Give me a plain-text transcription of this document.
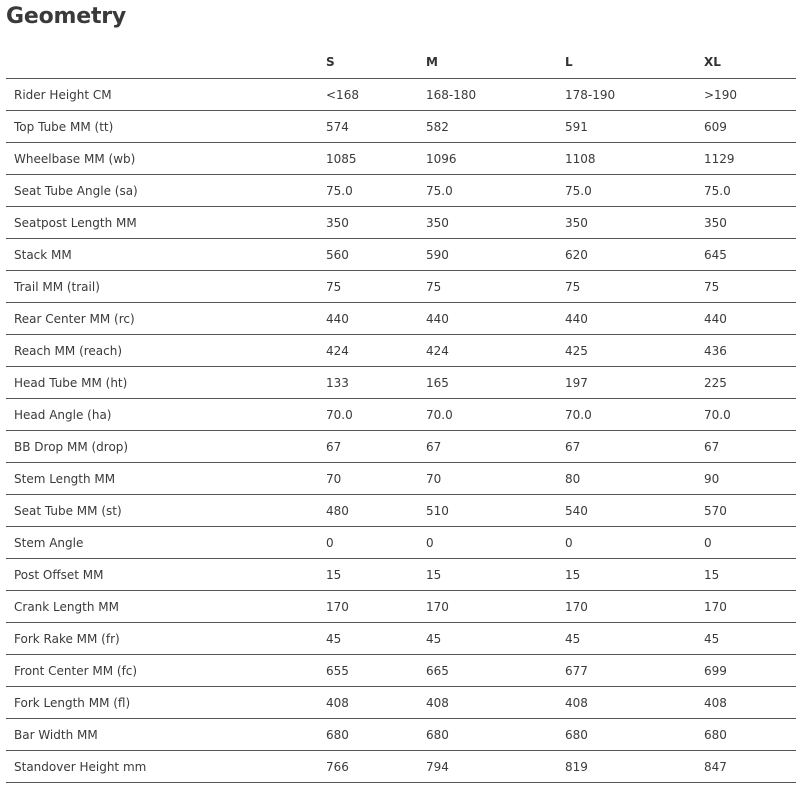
Geometry
	S	M	L	XL
Rider Height CM	<168	168-180	178-190	>190
Top Tube MM (tt)	574	582	591	609
Wheelbase MM (wb)	1085	1096	1108	1129
Seat Tube Angle (sa)	75.0	75.0	75.0	75.0
Seatpost Length MM	350	350	350	350
Stack MM	560	590	620	645
Trail MM (trail)	75	75	75	75
Rear Center MM (rc)	440	440	440	440
Reach MM (reach)	424	424	425	436
Head Tube MM (ht)	133	165	197	225
Head Angle (ha)	70.0	70.0	70.0	70.0
BB Drop MM (drop)	67	67	67	67
Stem Length MM	70	70	80	90
Seat Tube MM (st)	480	510	540	570
Stem Angle	0	0	0	0
Post Offset MM	15	15	15	15
Crank Length MM	170	170	170	170
Fork Rake MM (fr)	45	45	45	45
Front Center MM (fc)	655	665	677	699
Fork Length MM (fl)	408	408	408	408
Bar Width MM	680	680	680	680
Standover Height mm	766	794	819	847
